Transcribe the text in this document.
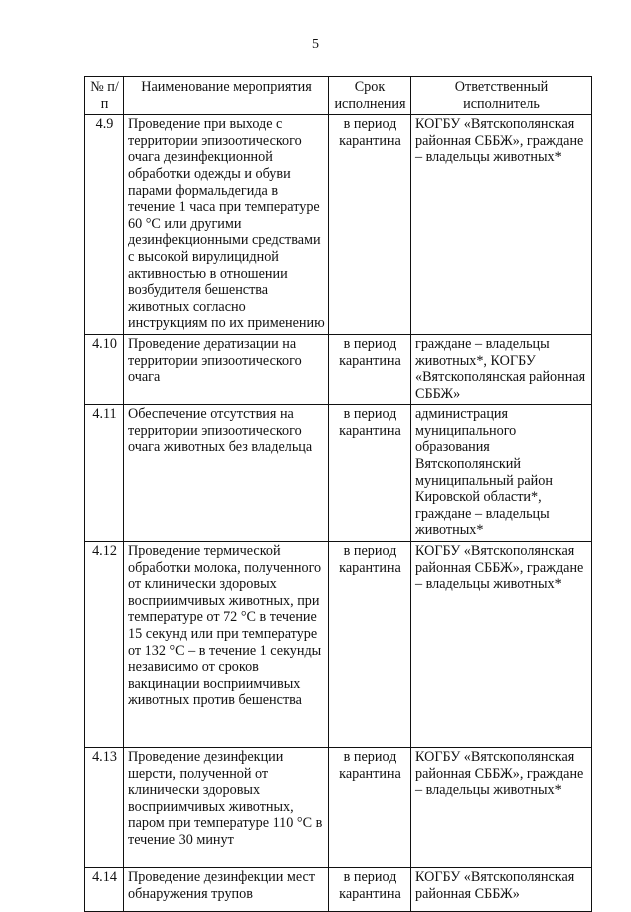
5
№ п/п	Наименование мероприятия	Срок исполнения	Ответственный исполнитель
4.9	Проведение при выходе с территории эпизоотического очага дезинфекционной обработки одежды и обуви парами формальдегида в течение 1 часа при температуре 60 °С или другими дезинфекционными средствами с высокой вирулицидной активностью в отношении возбудителя бешенства животных согласно инструкциям по их применению	в период карантина	КОГБУ «Вятскополянская районная СББЖ», граждане – владельцы животных*
4.10	Проведение дератизации на территории эпизоотического очага	в период карантина	граждане – владельцы животных*, КОГБУ «Вятскополянская районная СББЖ»
4.11	Обеспечение отсутствия на территории эпизоотического очага животных без владельца	в период карантина	администрация муниципального образования Вятскополянский муниципальный район Кировской области*, граждане – владельцы животных*
4.12	Проведение термической обработки молока, полученного от клинически здоровых восприимчивых животных, при температуре от 72 °С в течение 15 секунд или при температуре от 132 °С – в течение 1 секунды независимо от сроков вакцинации восприимчивых животных против бешенства	в период карантина	КОГБУ «Вятскополянская районная СББЖ», граждане – владельцы животных*
4.13	Проведение дезинфекции шерсти, полученной от клинически здоровых восприимчивых животных, паром при температуре 110 °С в течение 30 минут	в период карантина	КОГБУ «Вятскополянская районная СББЖ», граждане – владельцы животных*
4.14	Проведение дезинфекции мест обнаружения трупов	в период карантина	КОГБУ «Вятскополянская районная СББЖ»
